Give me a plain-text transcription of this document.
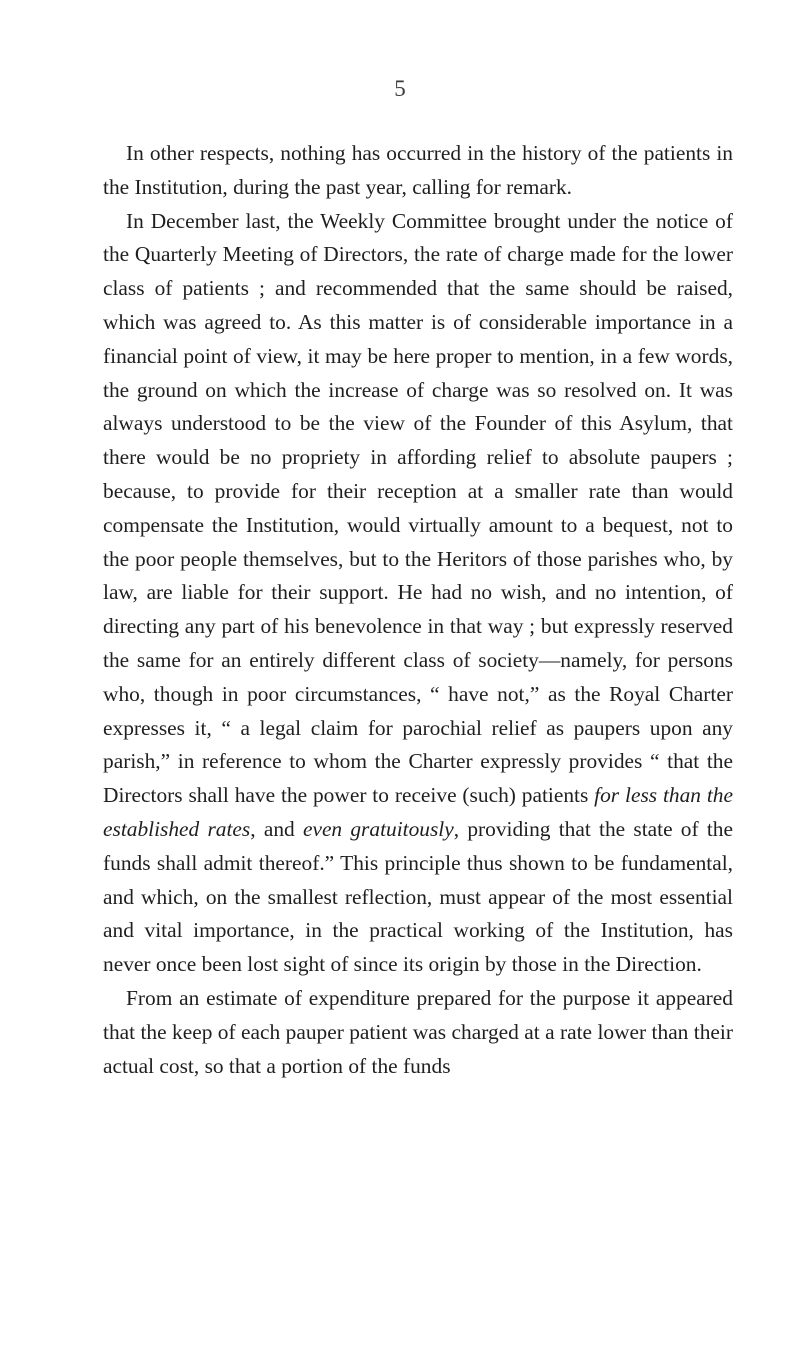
5

In other respects, nothing has occurred in the history of the patients in the Institution, during the past year, calling for remark.

In December last, the Weekly Committee brought under the notice of the Quarterly Meeting of Directors, the rate of charge made for the lower class of patients ; and recommended that the same should be raised, which was agreed to. As this matter is of considerable importance in a financial point of view, it may be here proper to mention, in a few words, the ground on which the increase of charge was so resolved on. It was always understood to be the view of the Founder of this Asylum, that there would be no propriety in affording relief to absolute paupers ; because, to provide for their reception at a smaller rate than would compensate the Institution, would virtually amount to a bequest, not to the poor people themselves, but to the Heritors of those parishes who, by law, are liable for their support. He had no wish, and no intention, of directing any part of his benevolence in that way ; but expressly reserved the same for an entirely different class of society—namely, for persons who, though in poor circumstances, “ have not,” as the Royal Charter expresses it, “ a legal claim for parochial relief as paupers upon any parish,” in reference to whom the Charter expressly provides “ that the Directors shall have the power to receive (such) patients for less than the established rates, and even gratuitously, providing that the state of the funds shall admit thereof.” This principle thus shown to be fundamental, and which, on the smallest reflection, must appear of the most essential and vital importance, in the practical working of the Institution, has never once been lost sight of since its origin by those in the Direction.

From an estimate of expenditure prepared for the purpose it appeared that the keep of each pauper patient was charged at a rate lower than their actual cost, so that a portion of the funds
